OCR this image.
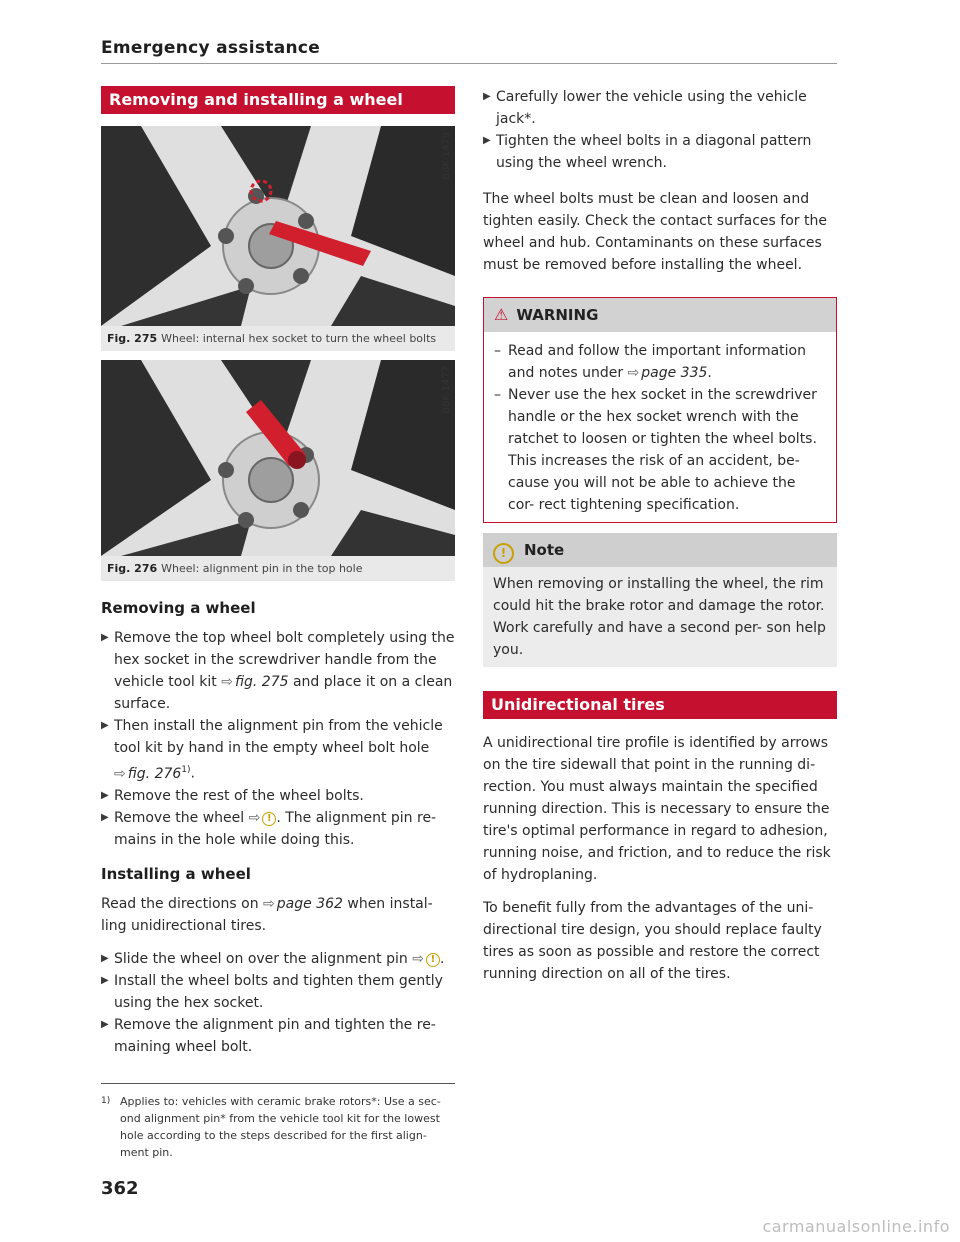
Emergency assistance
Removing and installing a wheel
B8K-1479
Fig. 275 Wheel: internal hex socket to turn the wheel bolts
B8K-1477
Fig. 276 Wheel: alignment pin in the top hole
Removing a wheel
▶ Remove the top wheel bolt completely using the hex socket in the screwdriver handle from the vehicle tool kit ⇨ fig. 275 and place it on a clean surface.
▶ Then install the alignment pin from the vehicle tool kit by hand in the empty wheel bolt hole ⇨ fig. 276$^{1)}$.
▶ Remove the rest of the wheel bolts.
▶ Remove the wheel ⇨ ! . The alignment pin re- mains in the hole while doing this.
Installing a wheel

Read the directions on ⇨ page 362 when instal- ling unidirectional tires.

▶ Slide the wheel on over the alignment pin ⇨ ! .
▶ Install the wheel bolts and tighten them gently using the hex socket.
▶ Remove the alignment pin and tighten the re- maining wheel bolt.
1) Applies to: vehicles with ceramic brake rotors*: Use a sec- ond alignment pin* from the vehicle tool kit for the lowest hole according to the steps described for the first align- ment pin.
362
▶ Carefully lower the vehicle using the vehicle jack*.
▶ Tighten the wheel bolts in a diagonal pattern using the wheel wrench.

The wheel bolts must be clean and loosen and tighten easily. Check the contact surfaces for the wheel and hub. Contaminants on these surfaces must be removed before installing the wheel.

⚠ WARNING
– Read and follow the important information and notes under ⇨ page 335.
– Never use the hex socket in the screwdriver handle or the hex socket wrench with the ratchet to loosen or tighten the wheel bolts. This increases the risk of an accident, be- cause you will not be able to achieve the cor- rect tightening specification.
! Note
When removing or installing the wheel, the rim could hit the brake rotor and damage the rotor. Work carefully and have a second per- son help you.
Unidirectional tires

A unidirectional tire profile is identified by arrows on the tire sidewall that point in the running di- rection. You must always maintain the specified running direction. This is necessary to ensure the tire's optimal performance in regard to adhesion, running noise, and friction, and to reduce the risk of hydroplaning.

To benefit fully from the advantages of the uni- directional tire design, you should replace faulty tires as soon as possible and restore the correct running direction on all of the tires.

carmanualsonline.info
